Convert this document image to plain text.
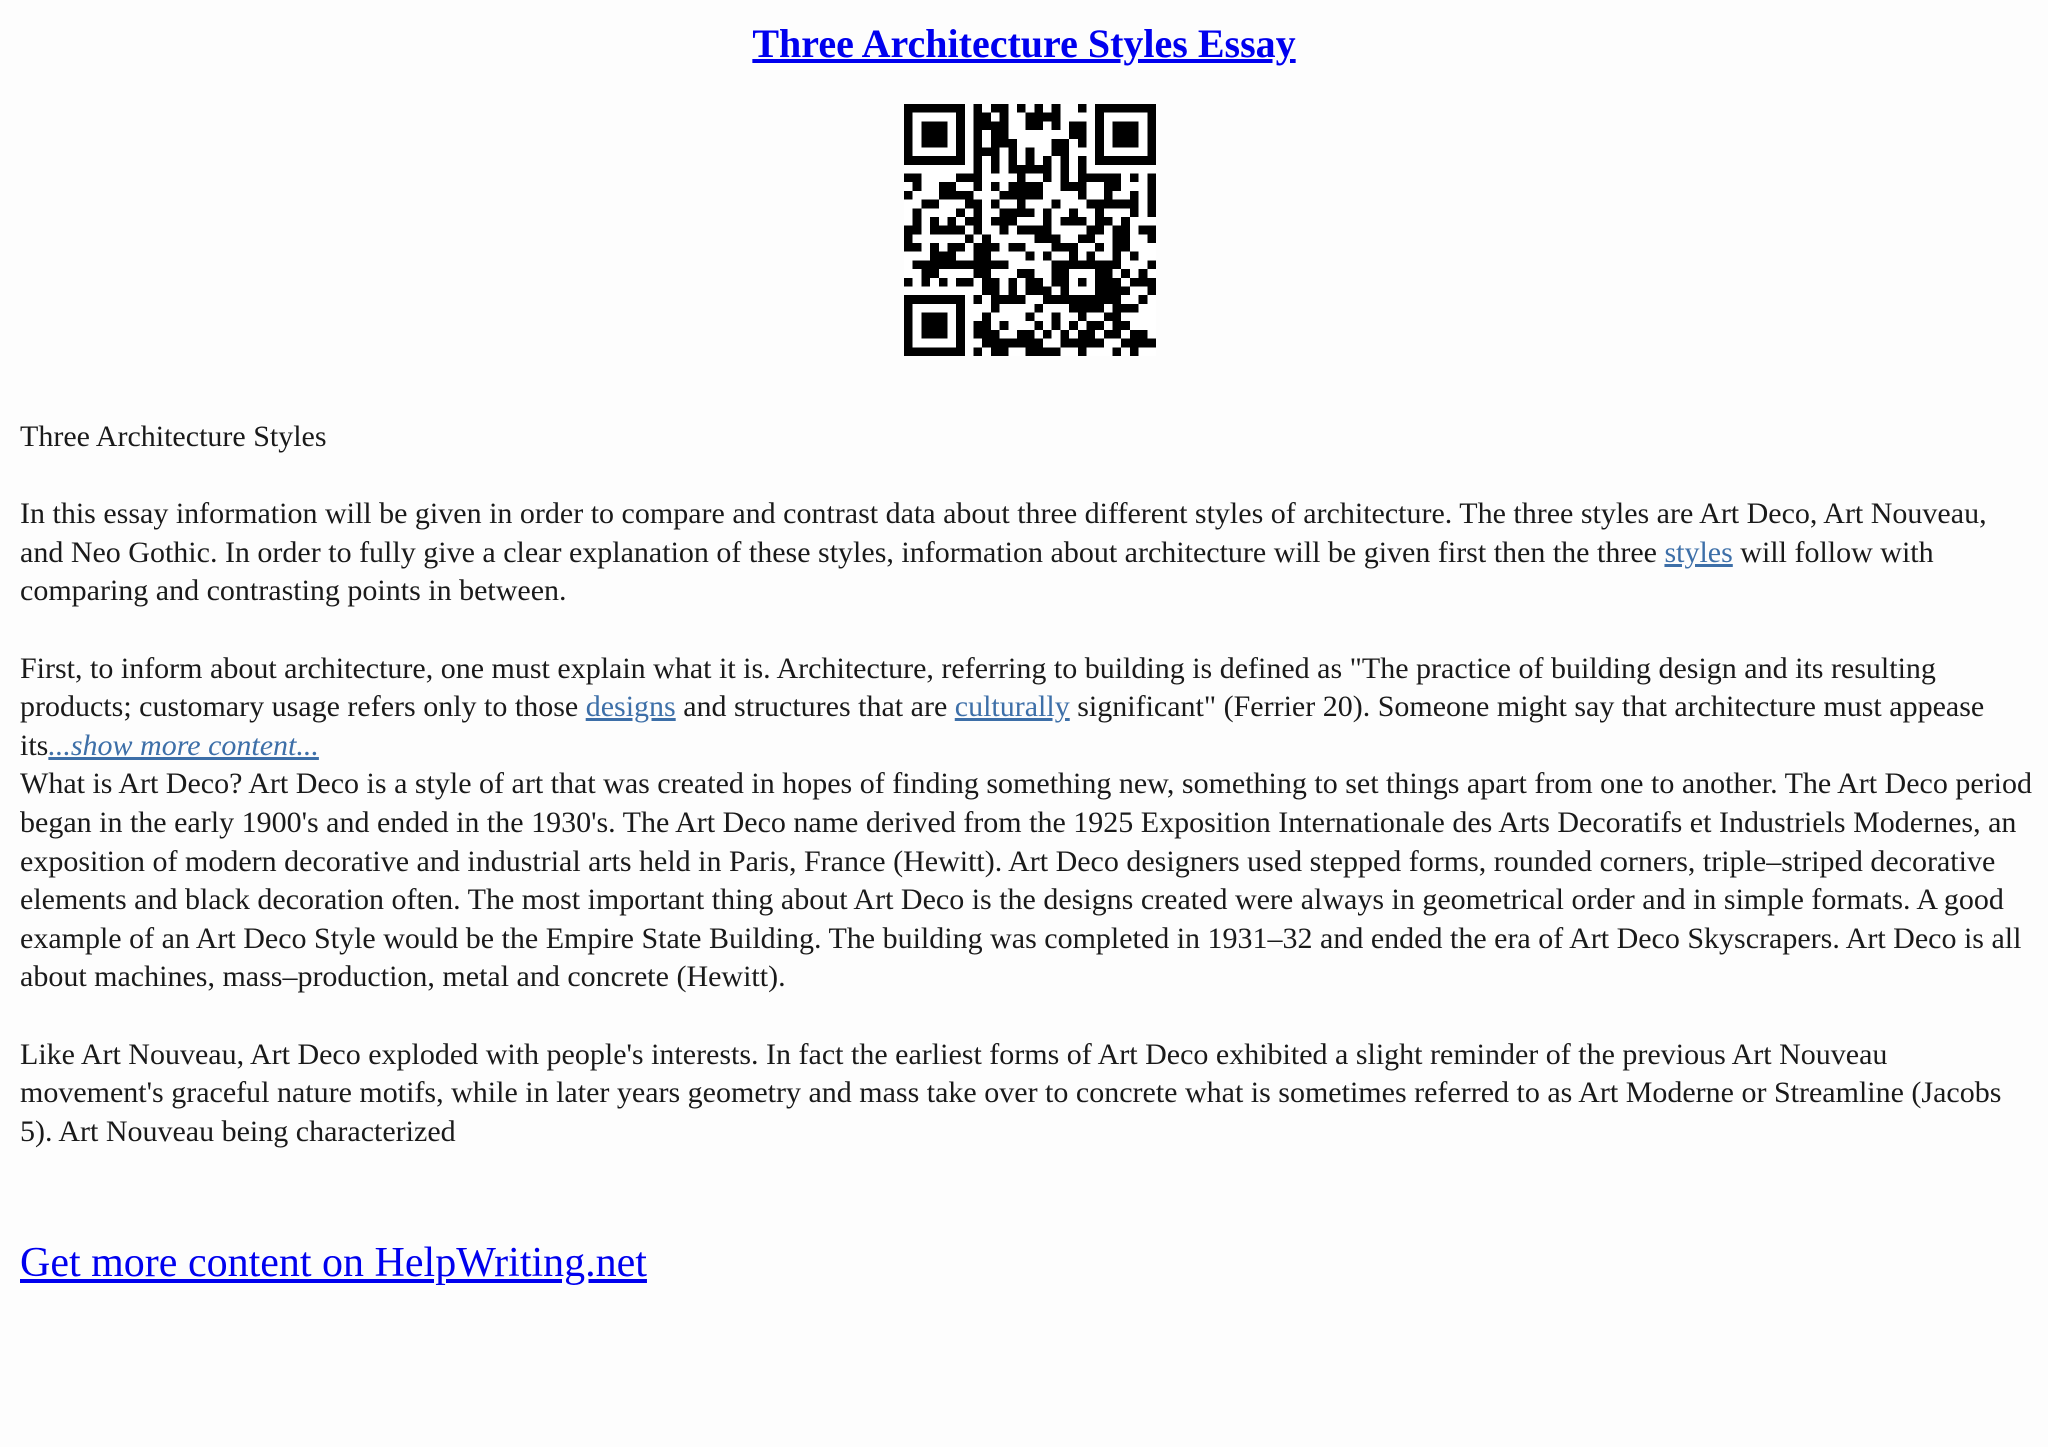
Three Architecture Styles Essay

Three Architecture Styles

In this essay information will be given in order to compare and contrast data about three different styles of architecture. The three styles are Art Deco, Art Nouveau, and Neo Gothic. In order to fully give a clear explanation of these styles, information about architecture will be given first then the three styles will follow with comparing and contrasting points in between.

First, to inform about architecture, one must explain what it is. Architecture, referring to building is defined as "The practice of building design and its resulting products; customary usage refers only to those designs and structures that are culturally significant" (Ferrier 20). Someone might say that architecture must appease its...show more content...

What is Art Deco? Art Deco is a style of art that was created in hopes of finding something new, something to set things apart from one to another. The Art Deco period began in the early 1900's and ended in the 1930's. The Art Deco name derived from the 1925 Exposition Internationale des Arts Decoratifs et Industriels Modernes, an exposition of modern decorative and industrial arts held in Paris, France (Hewitt). Art Deco designers used stepped forms, rounded corners, triple–striped decorative elements and black decoration often. The most important thing about Art Deco is the designs created were always in geometrical order and in simple formats. A good example of an Art Deco Style would be the Empire State Building. The building was completed in 1931–32 and ended the era of Art Deco Skyscrapers. Art Deco is all about machines, mass–production, metal and concrete (Hewitt).

Like Art Nouveau, Art Deco exploded with people's interests. In fact the earliest forms of Art Deco exhibited a slight reminder of the previous Art Nouveau movement's graceful nature motifs, while in later years geometry and mass take over to concrete what is sometimes referred to as Art Moderne or Streamline (Jacobs 5). Art Nouveau being characterized

Get more content on HelpWriting.net
